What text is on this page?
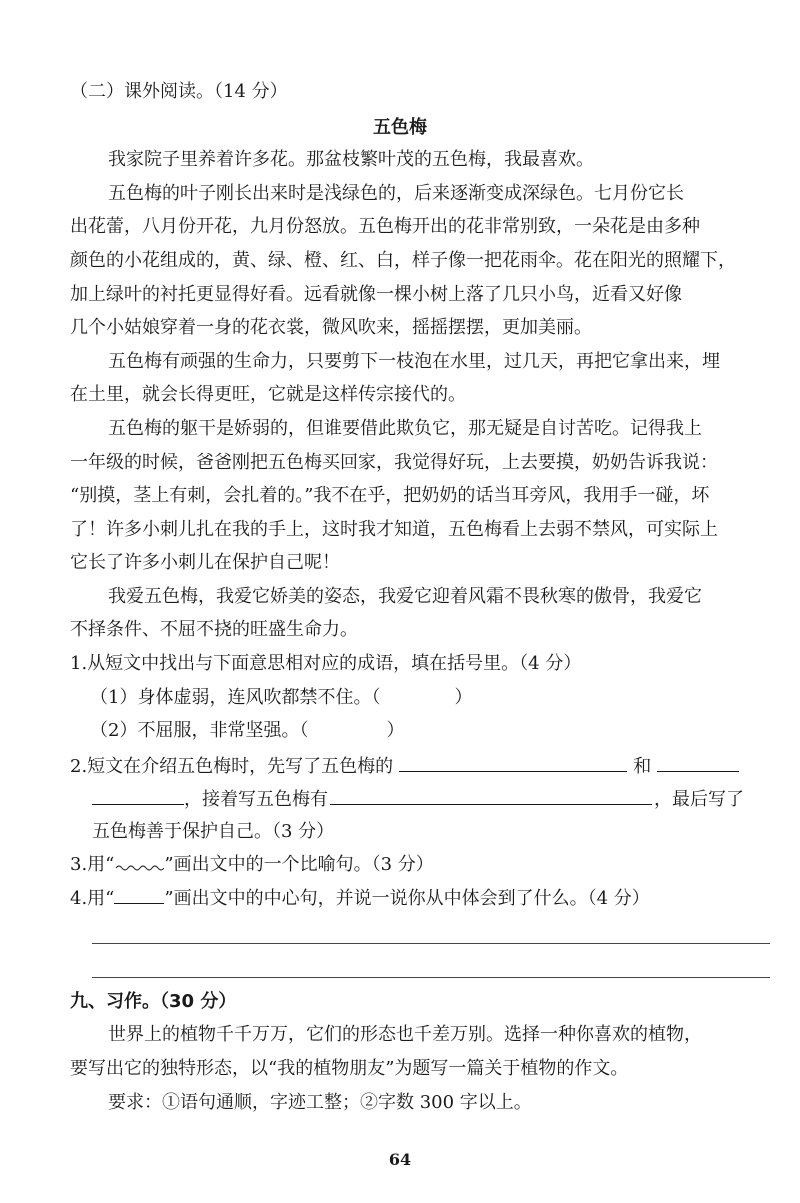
（二）课外阅读。（14 分）
五色梅
我家院子里养着许多花。那盆枝繁叶茂的五色梅，我最喜欢。
五色梅的叶子刚长出来时是浅绿色的，后来逐渐变成深绿色。七月份它长
出花蕾，八月份开花，九月份怒放。五色梅开出的花非常别致，一朵花是由多种
颜色的小花组成的，黄、绿、橙、红、白，样子像一把花雨伞。花在阳光的照耀下，
加上绿叶的衬托更显得好看。远看就像一棵小树上落了几只小鸟，近看又好像
几个小姑娘穿着一身的花衣裳，微风吹来，摇摇摆摆，更加美丽。
五色梅有顽强的生命力，只要剪下一枝泡在水里，过几天，再把它拿出来，埋
在土里，就会长得更旺，它就是这样传宗接代的。
五色梅的躯干是娇弱的，但谁要借此欺负它，那无疑是自讨苦吃。记得我上
一年级的时候，爸爸刚把五色梅买回家，我觉得好玩，上去要摸，奶奶告诉我说：
“别摸，茎上有刺，会扎着的。”我不在乎，把奶奶的话当耳旁风，我用手一碰，坏
了！许多小刺儿扎在我的手上，这时我才知道，五色梅看上去弱不禁风，可实际上
它长了许多小刺儿在保护自己呢！
我爱五色梅，我爱它娇美的姿态，我爱它迎着风霜不畏秋寒的傲骨，我爱它
不择条件、不屈不挠的旺盛生命力。
1.从短文中找出与下面意思相对应的成语，填在括号里。（4 分）
（1）身体虚弱，连风吹都禁不住。（	）
（2）不屈服，非常坚强。（	）
2.短文在介绍五色梅时，先写了五色梅的	和
，接着写五色梅有	，最后写了
五色梅善于保护自己。（3 分）
3.用“	”画出文中的一个比喻句。（3 分）
4.用“	”画出文中的中心句，并说一说你从中体会到了什么。（4 分）
九、习作。（30 分）
世界上的植物千千万万，它们的形态也千差万别。选择一种你喜欢的植物，
要写出它的独特形态，以“我的植物朋友”为题写一篇关于植物的作文。
要求：①语句通顺，字迹工整；②字数 300 字以上。
64
